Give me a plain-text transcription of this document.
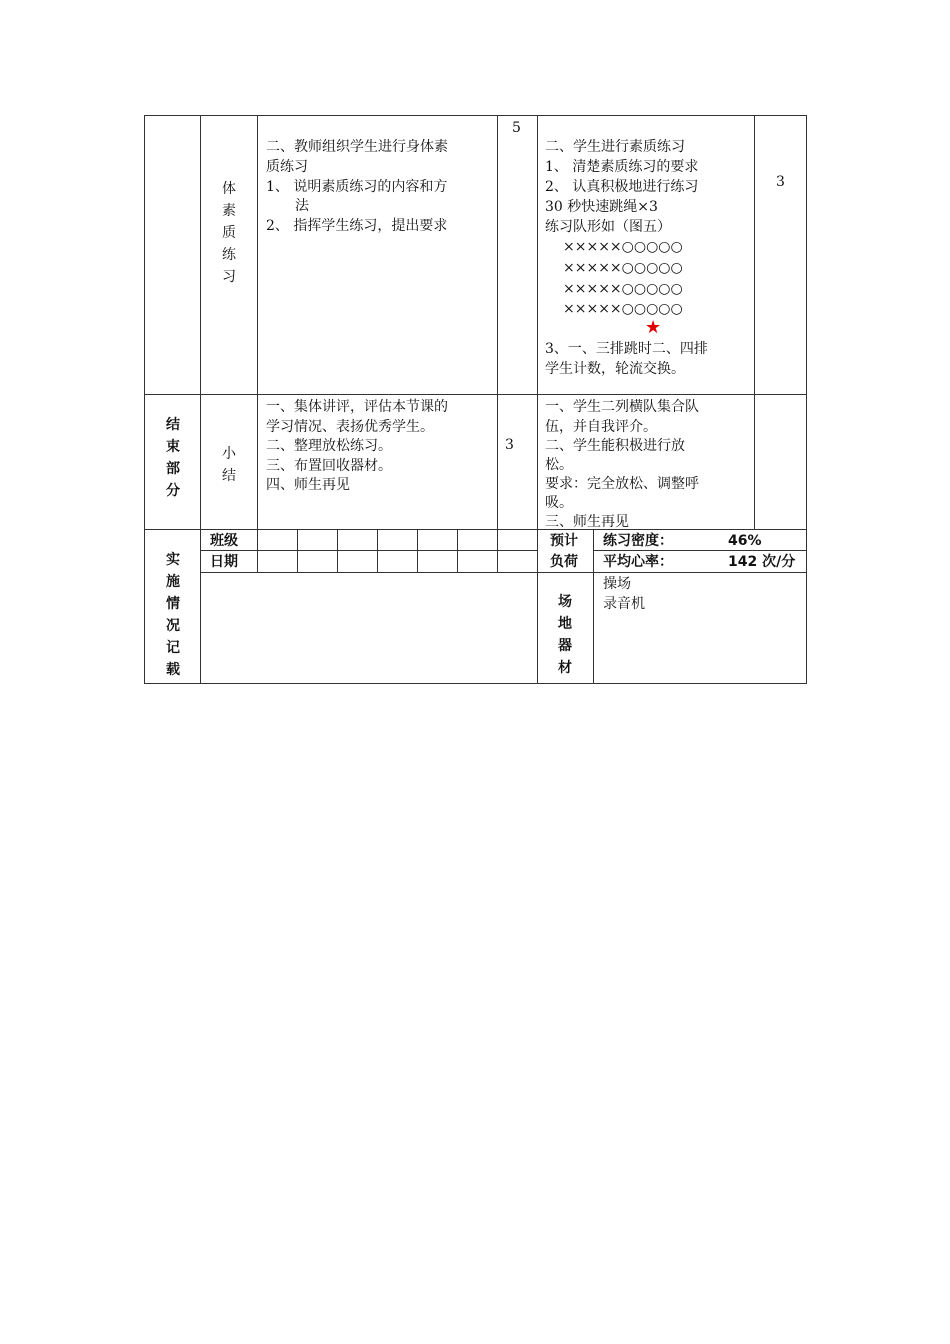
体
素
质
练
习
二、教师组织学生进行身体素
质练习
1、 说明素质练习的内容和方
法
2、 指挥学生练习，提出要求
5
二、学生进行素质练习
1、 清楚素质练习的要求
2、 认真积极地进行练习
30 秒快速跳绳×3
练习队形如（图五）
×××××○○○○○
×××××○○○○○
×××××○○○○○
×××××○○○○○
★
3、一、三排跳时二、四排
学生计数，轮流交换。
3
结
束
部
分
小
结
一、集体讲评，评估本节课的
学习情况、表扬优秀学生。
二、整理放松练习。
三、布置回收器材。
四、师生再见
3
一、学生二列横队集合队
伍，并自我评介。
二、学生能积极进行放
松。
要求：完全放松、调整呼
吸。
三、师生再见
实
施
情
况
记
载
班级
日期
预计
负荷
练习密度：	46%
平均心率：	142 次/分
场
地
器
材
操场
录音机
